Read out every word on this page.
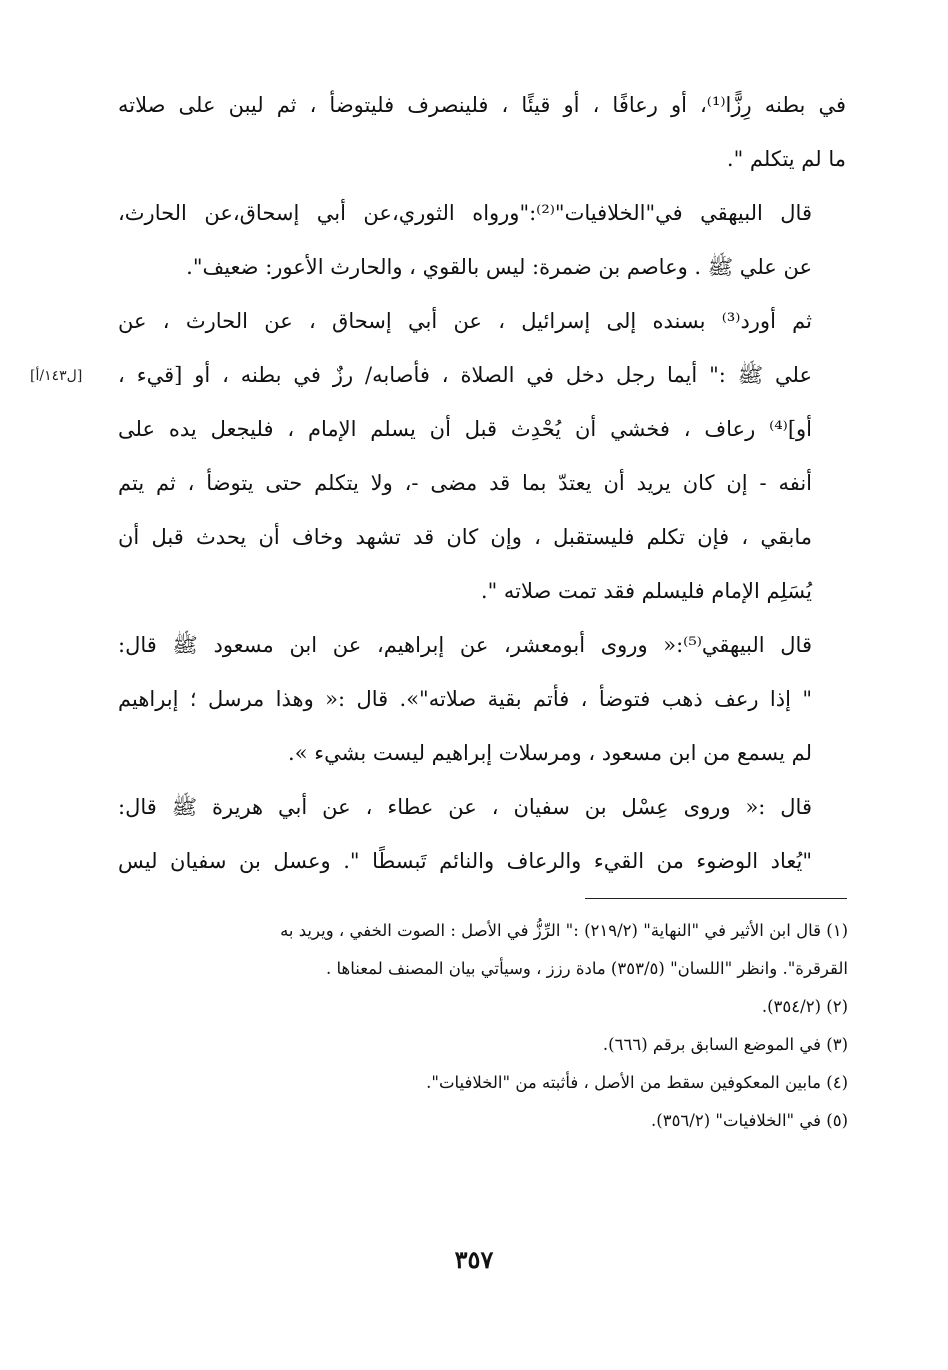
في بطنه رِزًّا⁽¹⁾، أو رعافًا ، أو قيئًا ، فلينصرف فليتوضأ ، ثم ليبن على صلاته
ما لم يتكلم ".

قال البيهقي في"الخلافيات"⁽²⁾:"ورواه الثوري،عن أبي إسحاق،عن الحارث،
عن علي ﷺ . وعاصم بن ضمرة: ليس بالقوي ، والحارث الأعور: ضعيف".

ثم أورد⁽³⁾ بسنده إلى إسرائيل ، عن أبي إسحاق ، عن الحارث ، عن
علي ﷺ :" أيما رجل دخل في الصلاة ، فأصابه/ رزٌ في بطنه ، أو [قيء ،
أو]⁽⁴⁾ رعاف ، فخشي أن يُحْدِث قبل أن يسلم الإمام ، فليجعل يده على
أنفه - إن كان يريد أن يعتدّ بما قد مضى -، ولا يتكلم حتى يتوضأ ، ثم يتم
مابقي ، فإن تكلم فليستقبل ، وإن كان قد تشهد وخاف أن يحدث قبل أن
يُسَلِم الإمام فليسلم فقد تمت صلاته ".

قال البيهقي⁽⁵⁾:« وروى أبومعشر، عن إبراهيم، عن ابن مسعود ﷺ قال:
" إذا رعف ذهب فتوضأ ، فأتم بقية صلاته"». قال :« وهذا مرسل ؛ إبراهيم
لم يسمع من ابن مسعود ، ومرسلات إبراهيم ليست بشيء ».

قال :« وروى عِسْل بن سفيان ، عن عطاء ، عن أبي هريرة ﷺ قال:
"يُعاد الوضوء من القيء والرعاف والنائم تَبسطًا ". وعسل بن سفيان ليس

[ل١٤٣/أ]

(١) قال ابن الأثير في "النهاية" (٢١٩/٢) :" الرِّزُّ في الأصل : الصوت الخفي ، ويريد به

القرقرة". وانظر "اللسان" (٣٥٣/٥) مادة رزز ، وسيأتي بيان المصنف لمعناها .

(٢) (٣٥٤/٢).

(٣) في الموضع السابق برقم (٦٦٦).

(٤) مابين المعكوفين سقط من الأصل ، فأثبته من "الخلافيات".

(٥) في "الخلافيات" (٣٥٦/٢).

٣٥٧
